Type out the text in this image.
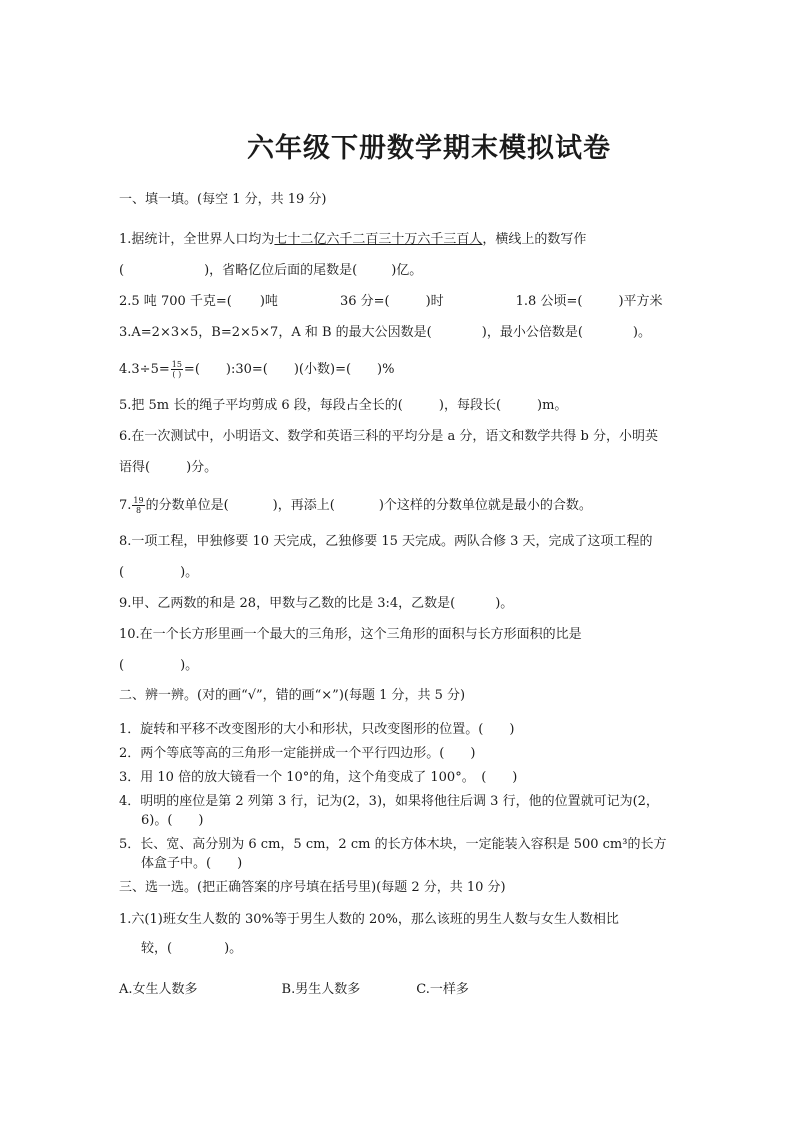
六年级下册数学期末模拟试卷
一、填一填。(每空 1 分，共 19 分)
1.据统计，全世界人口均为七十二亿六千二百三十万六千三百人，横线上的数写作
(	)，省略亿位后面的尾数是(	)亿。
2.5 吨 700 千克=( )吨	36 分=(	)时	1.8 公顷=(	)平方米
3.A=2×3×5，B=2×5×7，A 和 B 的最大公因数是(	)，最小公倍数是(	)。
$4.3\div 5= \frac{15}{( )}$ =( ):30=( )(小数)=( )%
5.把 5m 长的绳子平均剪成 6 段，每段占全长的(	)，每段长(	)m。
6.在一次测试中，小明语文、数学和英语三科的平均分是 a 分，语文和数学共得 b 分，小明英
语得(	)分。
7. $\frac{19}{8}$ 的分数单位是(	)，再添上(	)个这样的分数单位就是最小的合数。
8.一项工程，甲独修要 10 天完成，乙独修要 15 天完成。两队合修 3 天，完成了这项工程的
(	)。
9.甲、乙两数的和是 28，甲数与乙数的比是 3:4，乙数是(	)。
10.在一个长方形里画一个最大的三角形，这个三角形的面积与长方形面积的比是
(	)。
二、辨一辨。(对的画“√”，错的画“×”)(每题 1 分，共 5 分)
1．旋转和平移不改变图形的大小和形状，只改变图形的位置。(　　)
2．两个等底等高的三角形一定能拼成一个平行四边形。(　　)
3．用 10 倍的放大镜看一个 10°的角，这个角变成了 100°。　(　　)
4．明明的座位是第 2 列第 3 行，记为(2，3)，如果将他往后调 3 行，他的位置就可记为(2，
6)。(　　)
5．长、宽、高分别为 6 cm，5 cm，2 cm 的长方体木块，一定能装入容积是 500 cm³的长方
体盒子中。(　　)
三、选一选。(把正确答案的序号填在括号里)(每题 2 分，共 10 分)
1.六(1)班女生人数的 30%等于男生人数的 20%，那么该班的男生人数与女生人数相比
较，(　　　　)。
A.女生人数多	B.男生人数多	C.一样多
